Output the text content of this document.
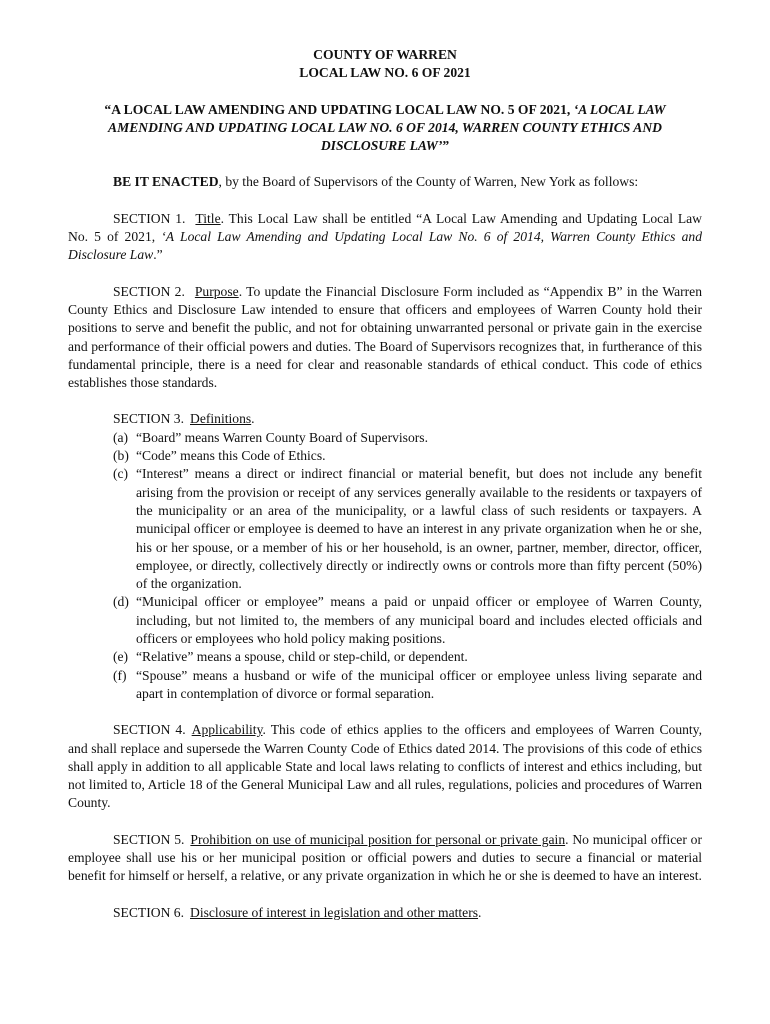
COUNTY OF WARREN
LOCAL LAW NO. 6 OF 2021
“A LOCAL LAW AMENDING AND UPDATING LOCAL LAW NO. 5 OF 2021, ‘A LOCAL LAW AMENDING AND UPDATING LOCAL LAW NO. 6 OF 2014, WARREN COUNTY ETHICS AND DISCLOSURE LAW’”

BE IT ENACTED, by the Board of Supervisors of the County of Warren, New York as follows:

SECTION 1. Title. This Local Law shall be entitled “A Local Law Amending and Updating Local Law No. 5 of 2021, ‘A Local Law Amending and Updating Local Law No. 6 of 2014, Warren County Ethics and Disclosure Law.”

SECTION 2. Purpose. To update the Financial Disclosure Form included as “Appendix B” in the Warren County Ethics and Disclosure Law intended to ensure that officers and employees of Warren County hold their positions to serve and benefit the public, and not for obtaining unwarranted personal or private gain in the exercise and performance of their official powers and duties. The Board of Supervisors recognizes that, in furtherance of this fundamental principle, there is a need for clear and reasonable standards of ethical conduct. This code of ethics establishes those standards.

SECTION 3. Definitions.
(a) “Board” means Warren County Board of Supervisors.
(b) “Code” means this Code of Ethics.
(c) “Interest” means a direct or indirect financial or material benefit, but does not include any benefit arising from the provision or receipt of any services generally available to the residents or taxpayers of the municipality or an area of the municipality, or a lawful class of such residents or taxpayers. A municipal officer or employee is deemed to have an interest in any private organization when he or she, his or her spouse, or a member of his or her household, is an owner, partner, member, director, officer, employee, or directly, collectively directly or indirectly owns or controls more than fifty percent (50%) of the organization.
(d) “Municipal officer or employee” means a paid or unpaid officer or employee of Warren County, including, but not limited to, the members of any municipal board and includes elected officials and officers or employees who hold policy making positions.
(e) “Relative” means a spouse, child or step-child, or dependent.
(f) “Spouse” means a husband or wife of the municipal officer or employee unless living separate and apart in contemplation of divorce or formal separation.

SECTION 4. Applicability. This code of ethics applies to the officers and employees of Warren County, and shall replace and supersede the Warren County Code of Ethics dated 2014. The provisions of this code of ethics shall apply in addition to all applicable State and local laws relating to conflicts of interest and ethics including, but not limited to, Article 18 of the General Municipal Law and all rules, regulations, policies and procedures of Warren County.

SECTION 5. Prohibition on use of municipal position for personal or private gain. No municipal officer or employee shall use his or her municipal position or official powers and duties to secure a financial or material benefit for himself or herself, a relative, or any private organization in which he or she is deemed to have an interest.

SECTION 6. Disclosure of interest in legislation and other matters.
